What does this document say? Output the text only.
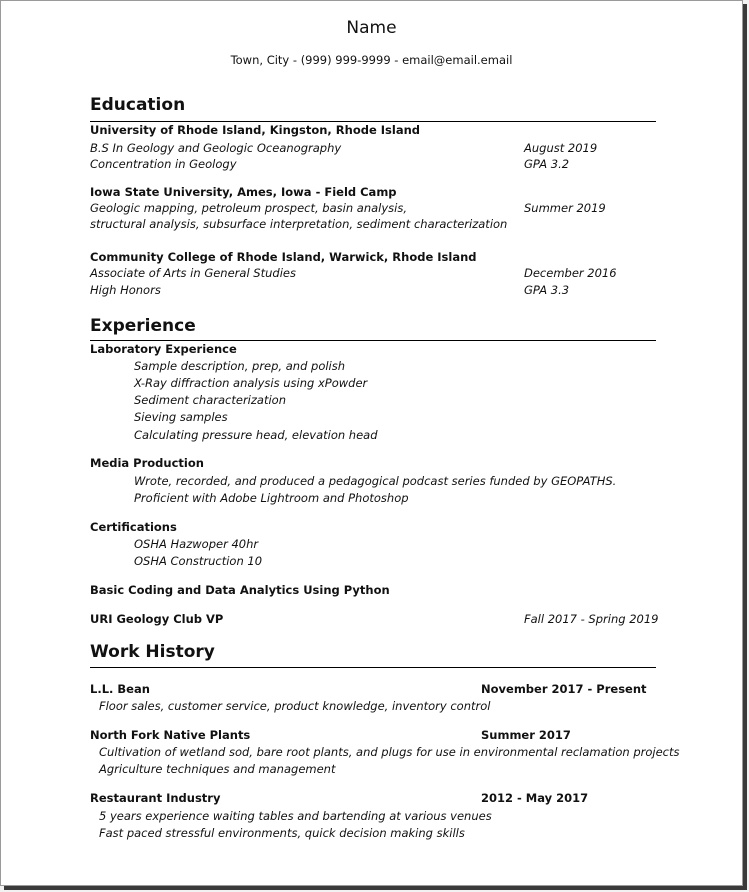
Name
Town, City - (999) 999-9999 - email@email.email
Education
University of Rhode Island, Kingston, Rhode Island
B.S In Geology and Geologic Oceanography	August 2019
Concentration in Geology	GPA 3.2
Iowa State University, Ames, Iowa - Field Camp
Geologic mapping, petroleum prospect, basin analysis,	Summer 2019
structural analysis, subsurface interpretation, sediment characterization
Community College of Rhode Island, Warwick, Rhode Island
Associate of Arts in General Studies	December 2016
High Honors	GPA 3.3
Experience
Laboratory Experience
Sample description, prep, and polish
X-Ray diffraction analysis using xPowder
Sediment characterization
Sieving samples
Calculating pressure head, elevation head
Media Production
Wrote, recorded, and produced a pedagogical podcast series funded by GEOPATHS.
Proficient with Adobe Lightroom and Photoshop
Certifications
OSHA Hazwoper 40hr
OSHA Construction 10
Basic Coding and Data Analytics Using Python
URI Geology Club VP	Fall 2017 - Spring 2019
Work History
L.L. Bean	November 2017 - Present
Floor sales, customer service, product knowledge, inventory control
North Fork Native Plants	Summer 2017
Cultivation of wetland sod, bare root plants, and plugs for use in environmental reclamation projects
Agriculture techniques and management
Restaurant Industry	2012 - May 2017
5 years experience waiting tables and bartending at various venues
Fast paced stressful environments, quick decision making skills
